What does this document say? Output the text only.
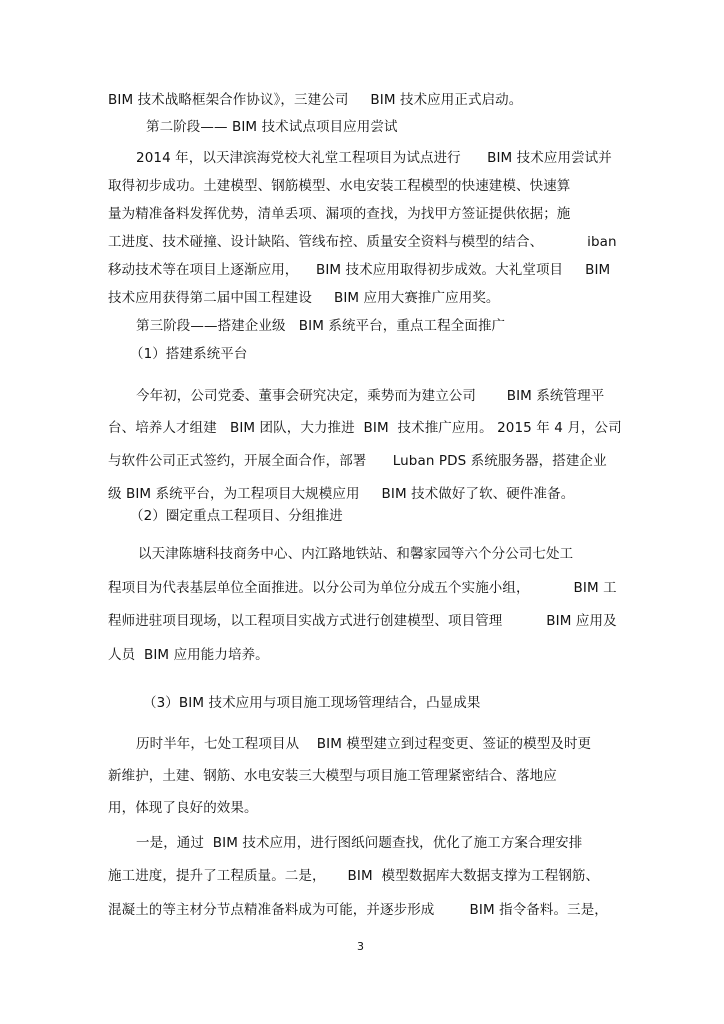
BIM 技术战略框架合作协议》，三建公司     BIM 技术应用正式启动。

第二阶段—— BIM 技术试点项目应用尝试

2014 年，以天津滨海党校大礼堂工程项目为试点进行      BIM 技术应用尝试并

取得初步成功。土建模型、钢筋模型、水电安装工程模型的快速建模、快速算

量为精准备料发挥优势，清单丢项、漏项的查找，为找甲方签证提供依据；施

工进度、技术碰撞、设计缺陷、管线布控、质量安全资料与模型的结合、          iban

移动技术等在项目上逐渐应用，    BIM 技术应用取得初步成效。大礼堂项目     BIM

技术应用获得第二届中国工程建设     BIM 应用大赛推广应用奖。

第三阶段——搭建企业级   BIM 系统平台，重点工程全面推广

（1）搭建系统平台

今年初，公司党委、董事会研究决定，乘势而为建立公司       BIM 系统管理平

台、培养人才组建   BIM 团队，大力推进  BIM  技术推广应用。 2015 年 4 月，公司

与软件公司正式签约，开展全面合作，部署      Luban PDS 系统服务器，搭建企业

级 BIM 系统平台，为工程项目大规模应用     BIM 技术做好了软、硬件准备。

（2）圈定重点工程项目、分组推进

以天津陈塘科技商务中心、内江路地铁站、和馨家园等六个分公司七处工

程项目为代表基层单位全面推进。以分公司为单位分成五个实施小组，          BIM 工

程师进驻项目现场，以工程项目实战方式进行创建模型、项目管理          BIM 应用及

人员  BIM 应用能力培养。

（3）BIM 技术应用与项目施工现场管理结合，凸显成果

历时半年，七处工程项目从    BIM 模型建立到过程变更、签证的模型及时更

新维护，土建、钢筋、水电安装三大模型与项目施工管理紧密结合、落地应

用，体现了良好的效果。

一是，通过  BIM 技术应用，进行图纸问题查找，优化了施工方案合理安排

施工进度，提升了工程质量。二是，     BIM  模型数据库大数据支撑为工程钢筋、

混凝土的等主材分节点精准备料成为可能，并逐步形成        BIM 指令备料。三是，

3
